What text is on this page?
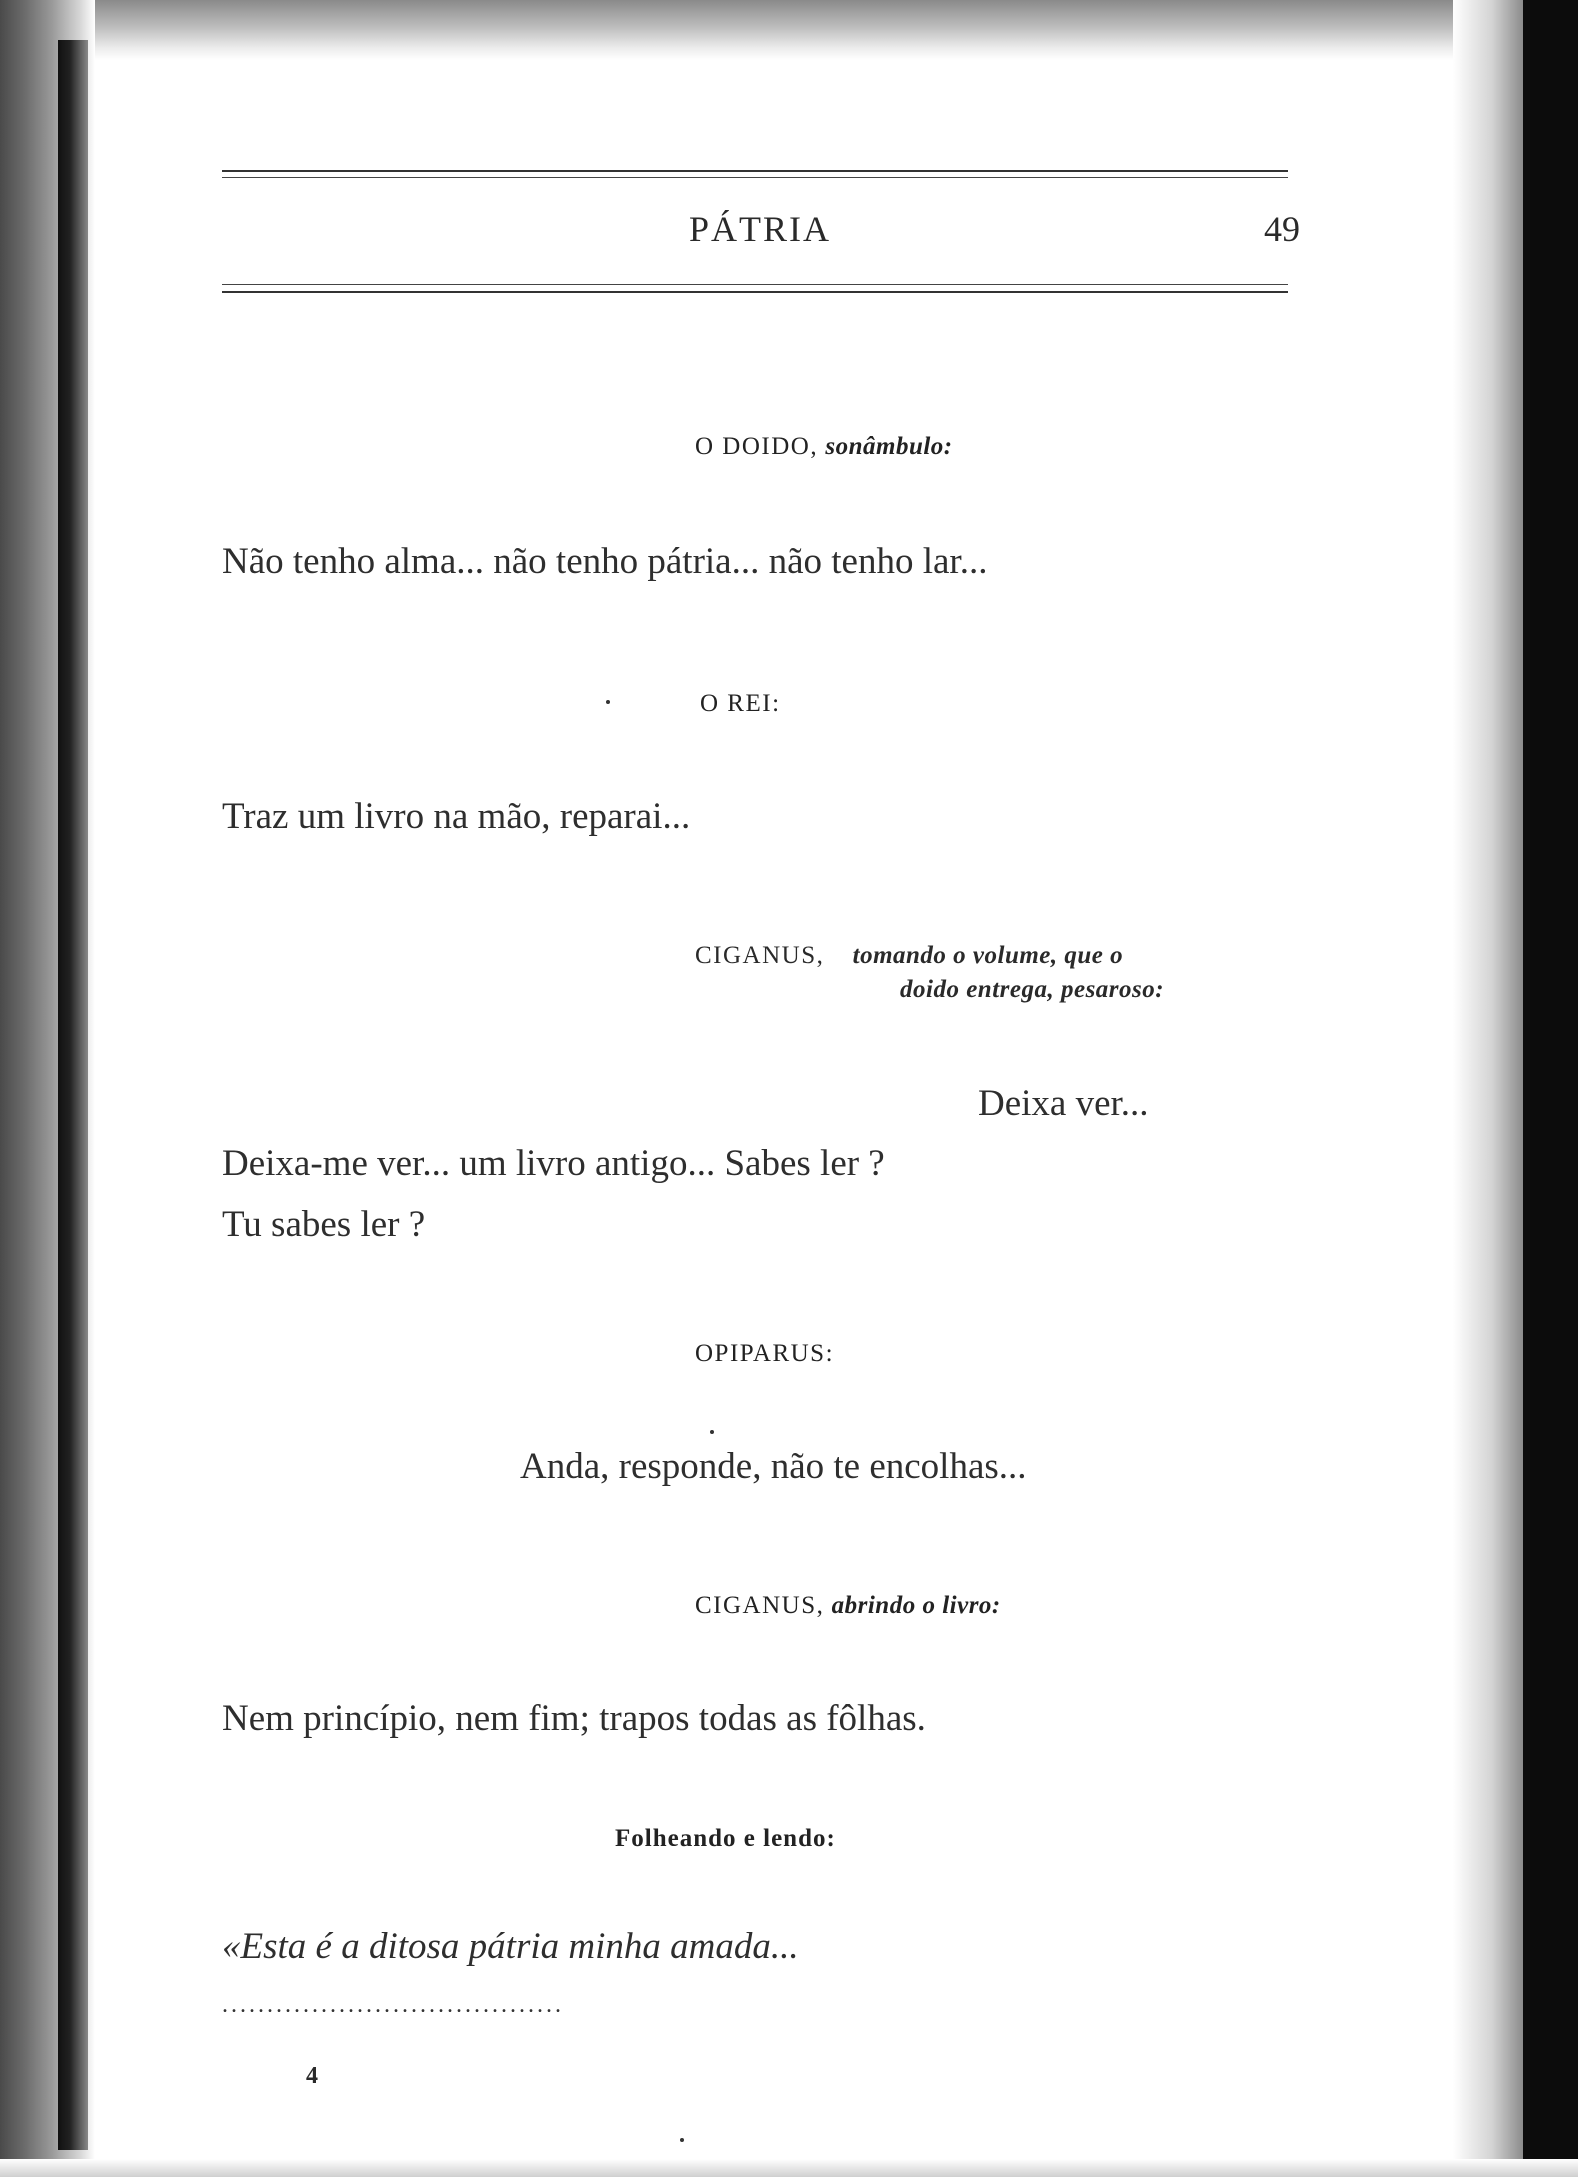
PÁTRIA	49
O DOIDO, sonâmbulo:
Não tenho alma... não tenho pátria... não tenho lar...
O REI:
Traz um livro na mão, reparai...
CIGANUS, tomando o volume, que o
doido entrega, pesaroso:
Deixa ver...
Deixa-me ver... um livro antigo... Sabes ler ?
Tu sabes ler ?
OPIPARUS:
Anda, responde, não te encolhas...
CIGANUS, abrindo o livro:
Nem princípio, nem fim; trapos todas as fôlhas.
Folheando e lendo:
«Esta é a ditosa pátria minha amada...
......................................
4
